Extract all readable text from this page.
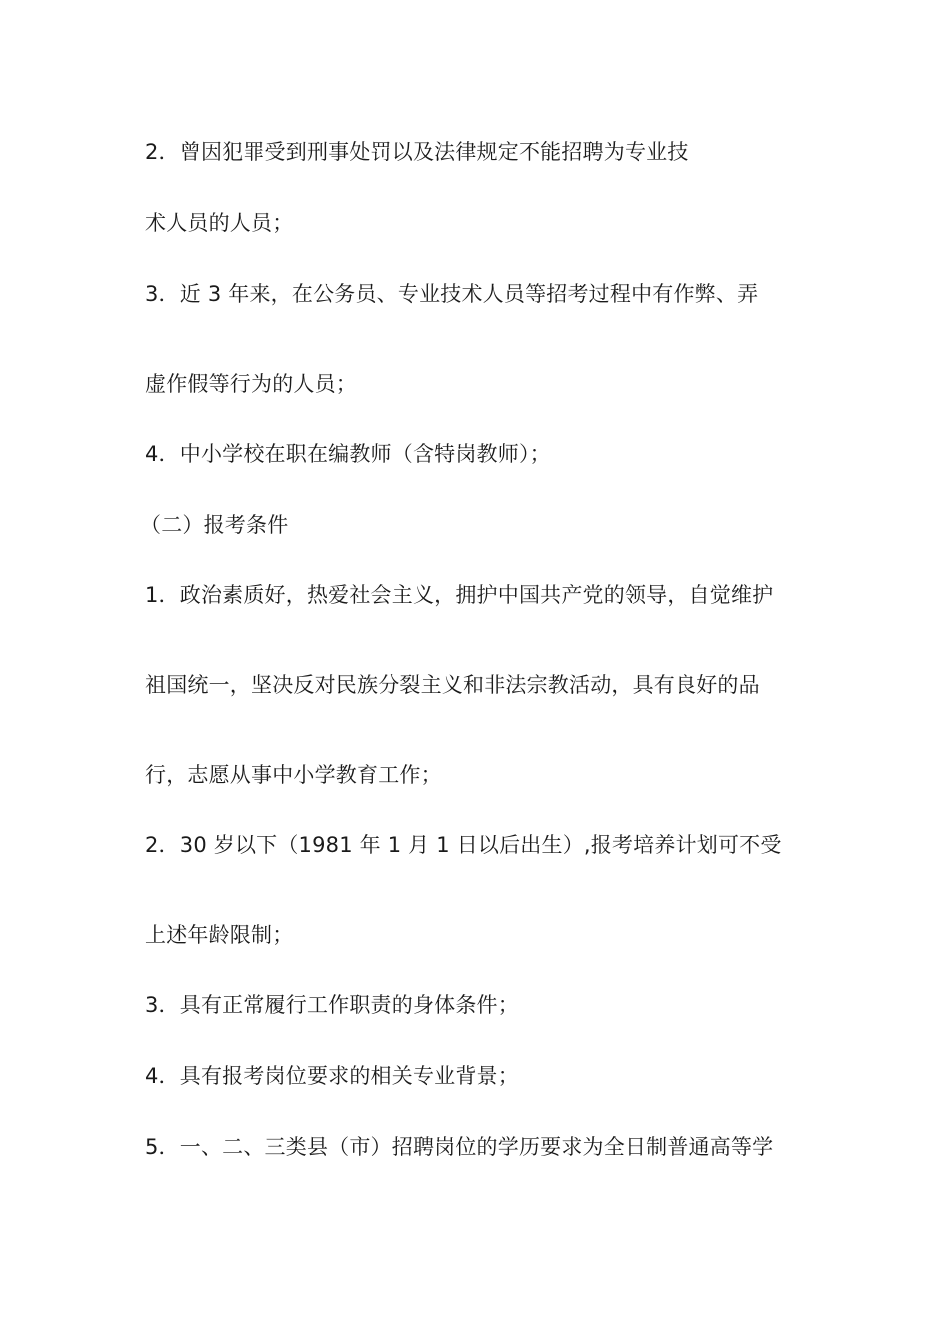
2．曾因犯罪受到刑事处罚以及法律规定不能招聘为专业技
术人员的人员；
3．近 3 年来，在公务员、专业技术人员等招考过程中有作弊、弄
虚作假等行为的人员；
4．中小学校在职在编教师（含特岗教师）；
（二）报考条件
1．政治素质好，热爱社会主义，拥护中国共产党的领导，自觉维护
祖国统一，坚决反对民族分裂主义和非法宗教活动，具有良好的品
行，志愿从事中小学教育工作；
2．30 岁以下（1981 年 1 月 1 日以后出生）,报考培养计划可不受
上述年龄限制；
3．具有正常履行工作职责的身体条件；
4．具有报考岗位要求的相关专业背景；
5．一、二、三类县（市）招聘岗位的学历要求为全日制普通高等学
